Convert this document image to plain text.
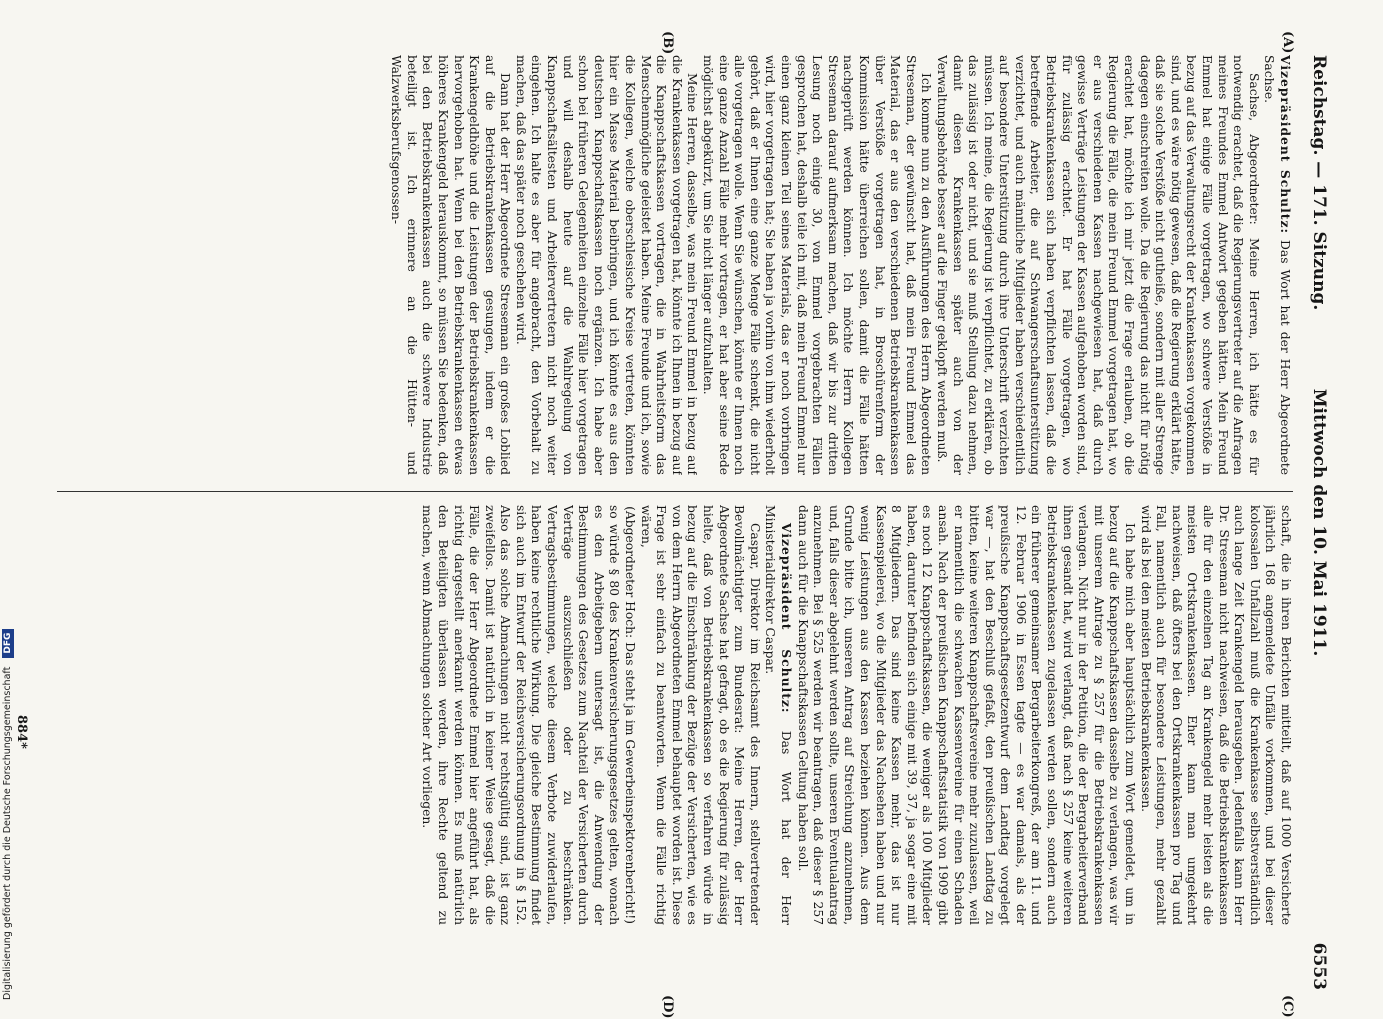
Reichstag. — 171. Sitzung.
Mittwoch den 10. Mai 1911.
6553
(A)
(B)
(C)
(D)

Vizepräsident Schultz: Das Wort hat der Herr Abgeordnete Sachse.

Sachse, Abgeordneter: Meine Herren, ich hätte es für notwendig erachtet, daß die Regierungsvertreter auf die Anfragen meines Freundes Emmel Antwort gegeben hätten. Mein Freund Emmel hat einige Fälle vorgetragen, wo schwere Verstöße in bezug auf das Verwaltungsrecht der Krankenkassen vorgekommen sind, und es wäre nötig gewesen, daß die Regierung erklärt hätte, daß sie solche Verstöße nicht gutheiße, sondern mit aller Strenge dagegen einschreiten wolle. Da die Regierung das nicht für nötig erachtet hat, möchte ich mir jetzt die Frage erlauben, ob die Regierung die Fälle, die mein Freund Emmel vorgetragen hat, wo er aus verschiedenen Kassen nachgewiesen hat, daß durch gewisse Verträge Leistungen der Kassen aufgehoben worden sind, für zulässig erachtet. Er hat Fälle vorgetragen, wo Betriebskrankenkassen sich haben verpflichten lassen, daß die betreffende Arbeiter, die auf Schwangerschaftsunterstützung verzichtet, und auch männliche Mitglieder haben verschiedentlich auf besondere Unterstützung durch ihre Unterschrift verzichten müssen. Ich meine, die Regierung ist verpflichtet, zu erklären, ob das zulässig ist oder nicht, und sie muß Stellung dazu nehmen, damit diesen Krankenkassen später auch von der Verwaltungsbehörde besser auf die Finger geklopft werden muß.

Ich komme nun zu den Ausführungen des Herrn Abgeordneten Streseman, der gewünscht hat, daß mein Freund Emmel das Material, das er aus den verschiedenen Betriebskrankenkassen über Verstöße vorgetragen hat, in Broschürenform der Kommission hätte überreichen sollen, damit die Fälle hätten nachgeprüft werden können. Ich möchte Herrn Kollegen Streseman darauf aufmerksam machen, daß wir bis zur dritten Lesung noch einige 30, von Emmel vorgebrachten Fällen gesprochen hat, deshalb teile ich mit, daß mein Freund Emmel nur einen ganz kleinen Teil seines Materials, das er noch vorbringen wird, hier vorgetragen hat; Sie haben ja vorhin von ihm wiederholt gehört, daß er Ihnen eine ganze Menge Fälle schenkt, die nicht alle vorgetragen wolle. Wenn Sie wünschen, könnte er Ihnen noch eine ganze Anzahl Fälle mehr vortragen, er hat aber seine Rede möglichst abgekürzt, um Sie nicht länger aufzuhalten.

Meine Herren, dasselbe, was mein Freund Emmel in bezug auf die Krankenkassen vorgetragen hat, könnte ich Ihnen in bezug auf die Knappschaftskassen vortragen, die in Wahrheitsform das Menschenmögliche geleistet haben. Meine Freunde und ich, sowie die Kollegen, welche oberschlesische Kreise vertreten, könnten hier ein Masse Material beibringen, und ich könnte es aus den deutschen Knappschaftskassen noch ergänzen. Ich habe aber schon bei früheren Gelegenheiten einzelne Fälle hier vorgetragen und will deshalb heute auf die Wahlregelung von Knappschaftsältesten und Arbeitervertretern nicht noch weiter eingehen. Ich halte es aber für angebracht, den Vorbehalt zu machen, daß das später noch geschehen wird.

Dann hat der Herr Abgeordnete Streseman ein großes Loblied auf die Betriebskrankenkassen gesungen, indem er die Krankengeldhöhe und die Leistungen der Betriebskrankenkassen hervorgehoben hat. Wenn bei den Betriebskrankenkassen etwas höheres Krankengeld herauskommt, so müssen Sie bedenken, daß bei den Betriebskrankenkassen auch die schwere Industrie beteiligt ist. Ich erinnere an die Hütten- und Walzwerksberufsgenossen-

schaft, die in ihren Berichten mitteilt, daß auf 1000 Versicherte jährlich 168 angemeldete Unfälle vorkommen, und bei dieser kolossalen Unfallzahl muß die Krankenkasse selbstverständlich auch lange Zeit Krankengeld herausgeben. Jedenfalls kann Herr Dr. Streseman nicht nachweisen, daß die Betriebskrankenkassen alle für den einzelnen Tag an Krankengeld mehr leisten als die meisten Ortskrankenkassen. Eher kann man umgekehrt nachweisen, daß öfters bei den Ortskrankenkassen pro Tag und Fall, namentlich auch für besondere Leistungen, mehr gezahlt wird als bei den meisten Betriebskrankenkassen.

Ich habe mich aber hauptsächlich zum Wort gemeldet, um in bezug auf die Knappschaftskassen dasselbe zu verlangen, was wir mit unserem Antrage zu § 257 für die Betriebskrankenkassen verlangen. Nicht nur in der Petition, die der Bergarbeiterverband ihnen gesandt hat, wird verlangt, daß nach § 257 keine weiteren Betriebskrankenkassen zugelassen werden sollen, sondern auch ein früherer gemeinsamer Bergarbeiterkongreß, der am 11. und 12. Februar 1906 in Essen tagte — es war damals, als der preußische Knappschaftsgesetzentwurf dem Landtag vorgelegt war —, hat den Beschluß gefaßt, den preußischen Landtag zu bitten, keine weiteren Knappschaftsvereine mehr zuzulassen, weil er namentlich die schwachen Kassenvereine für einen Schaden ansah. Nach der preußischen Knappschaftsstatistik von 1909 gibt es noch 12 Knappschaftskassen, die weniger als 100 Mitglieder haben, darunter befinden sich einige mit 39, 37, ja sogar eine mit 8 Mitgliedern. Das sind keine Kassen mehr, das ist nur Kassenspielerei, wo die Mitglieder das Nachsehen haben und nur wenig Leistungen aus den Kassen beziehen können. Aus dem Grunde bitte ich, unseren Antrag auf Streichung anzunehmen, und, falls dieser abgelehnt werden sollte, unseren Eventualantrag anzunehmen. Bei § 525 werden wir beantragen, daß dieser § 257 dann auch für die Knappschaftskassen Geltung haben soll.

Vizepräsident Schultz: Das Wort hat der Herr Ministerialdirektor Caspar.

Caspar, Direktor im Reichsamt des Innern, stellvertretender Bevollmächtigter zum Bundesrat: Meine Herren, der Herr Abgeordnete Sachse hat gefragt, ob es die Regierung für zulässig hielte, daß von Betriebskrankenkassen so verfahren würde in bezug auf die Einschränkung der Bezüge der Versicherten, wie es von dem Herrn Abgeordneten Emmel behauptet worden ist. Diese Frage ist sehr einfach zu beantworten. Wenn die Fälle richtig wären,

(Abgeordneter Hoch: Das steht ja im Gewerbeinspektorenbericht!)

so würde § 80 des Krankenversicherungsgesetzes gelten, wonach es den Arbeitgebern untersagt ist, die Anwendung der Bestimmungen des Gesetzes zum Nachteil der Versicherten durch Verträge auszuschließen oder zu beschränken. Vertragsbestimmungen, welche diesem Verbote zuwiderlaufen, haben keine rechtliche Wirkung. Die gleiche Bestimmung findet sich auch im Entwurf der Reichsversicherungsordnung in § 152. Also das solche Abmachungen nicht rechtsgültig sind, ist ganz zweifellos. Damit ist natürlich in keiner Weise gesagt, daß die Fälle, die der Herr Abgeordnete Emmel hier angeführt hat, als richtig dargestellt anerkannt werden können. Es muß natürlich den Beteiligten überlassen werden, ihre Rechte geltend zu machen, wenn Abmachungen solcher Art vorliegen.

884*
Digitalisierung gefördert durch die Deutsche Forschungsgemeinschaft DFG
